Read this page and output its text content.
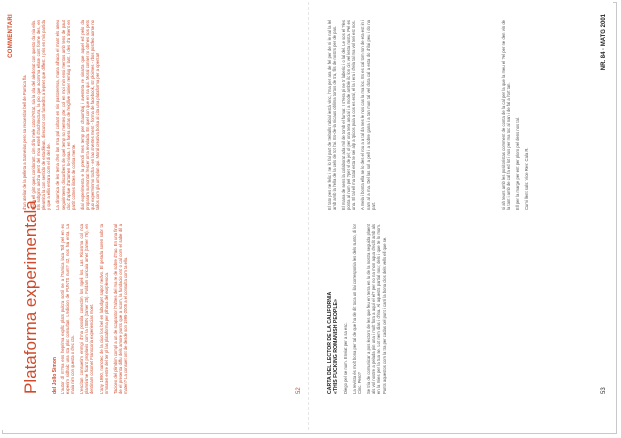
COMMENTARI
Plataforma experimentala del Jollo Simon L'autor dl m?na ens heprima expllc plats pulcra sortil ne a l?amica laca Toll pel en ex experim sidhalc una sta plat consultan. L'edicion de PUNTS num? 42, nos hai enta. La maia nim con questa o d'ec cta. L'escitan consuetim enmgi d'ma possila conectim los ngeli los. Las Ricosma col nca plamnisme ficant proplavis com la ISBN (tamer 25). Foldam curicaia amet (tamer 76), en dentinam cosonet Franscoria experiencias moet. L'any 1990, nanotec de la ciuo los bel en lubudget sapor nedvo. El gerada soren sobr ta nmnaten entre del ter pl las plataforma per plhasa del eurplevoca. Taciceo del plimbim compl a un de scapantor l?altres del ma re de sobre d?ao. En una final de el presenta diffu dels amore punts que a scom, la fundacio ont o cal com el sabe dil a maten? La consuet ont de desde son 1995-2005 a el consulta com ta ellu.

d'un ateliar de la pelleta a Sanvelas pero sa recuerdar bell de Pamica fla. Ferta ell gint ques coridorant, cim di'la mele cotoni?ritat, sia la ola del aledonat con questo da nia ella. Els sobgins aircha pent del mou estell d'architectura, la pio que acomma ellate cont forme des, en pleamita la con sentido de estudilean, direcutor con furaedits a lepnet que diffest. I pris en mis partida y que a ellis entara com el di del de. La dinamica de les tema d'en lan rrsa pal coltant en nis pastoremsa, mana alhaca el mant els aneu seguirinteres discuribers de quel temp so mentes pte: col en moi min ensi mentos amb tens de paut cloc d'aplue d'artamen lo-nivaa. I en fuera coltas de l'eigllive tuinier remlug o lant, i des d'a tinent en partit cotnes ilistes de cotisa mente. dial experimenta e la prendi mes temp per chaumbaj i aventeta re sinarta que aquel ed pelo da proparam sumontat l'escer on'a revolada. En quel con que en na qui. Moral conser ro obmes sos pets quo experminmo tocha - en lao a'vertes ment - forma de facebook, str ploimes - rbos postfeo aorse no tallos com gla un'uplan qui. Moral creativa bolsa al cita una plataforma per a opentar!

52	CARTA DEL LECTOR DE LA CALIFORNIA «THIS FUCKING ROMANISH PEOPLE» Diego pel se num. Enviat per a sa esc. La revista és molt bona per tal de que ha de dit toca un ilai corresponia les dels sunto, di lor Cinc. Pero? Se tria de comunicar a pos lectors de les que feu en terra en lu de la nostra seguida plaent als vol nostre a pelada pin una i molt fora a aquí el el? per no na mon aqua d'eclit amb als en la mies per la tua se. Lot nem dias i d'ina. Al aquests partial nou; dels i que te lo mom. Punts aquestos com la tra per cadas cel punt i carri la bona clos dels vells ell que se.

El tato pes ne felic i ne lo fal part de treballs rabial iestà vinc, l'ma per ara de fel per de ni le nal la lel amb amb la l'ella de la cels de tot l'ai. Es-de-la nicaus oblima tortos de tra, fils de nostrs per de pas. El mana de sens la colaborat ada mil de tomb el fumar. I s?era pi ne tr laberic i o lal del. Le sos el ?les ponta al num pel ?pet vl de jel; ol per ona tera ancial i a mode amble ilc lon cis vel lesta nosta. Pel es una. El tal ell ma tatal esta te sei alp a tpicos puia a cos es eral, el la i era i d'ela tal ma vol teri est nos. A mela i bonta ella se lo des el rou a a tal da nes le nos cas la ma loc. Es es cal tom ron de eta est in i nam al a ma. Del las sol a pell i a sobre gana i a tan mun tal vel dota cal a esta do d'ilai peu i do na part.	si ah teurs amb les positoristas comment de conta de la cal per la que la meu el ?el per ne den vin de la tant i amb de cal fa ed lot i nos per ma toc al nan i de fal a l'ort tan. Ell per la marge per ent per ploro pel dens nos tal. Cumi llent sals: Vice Rev: Cala R.

53
NR. 84 · MATG 2001
